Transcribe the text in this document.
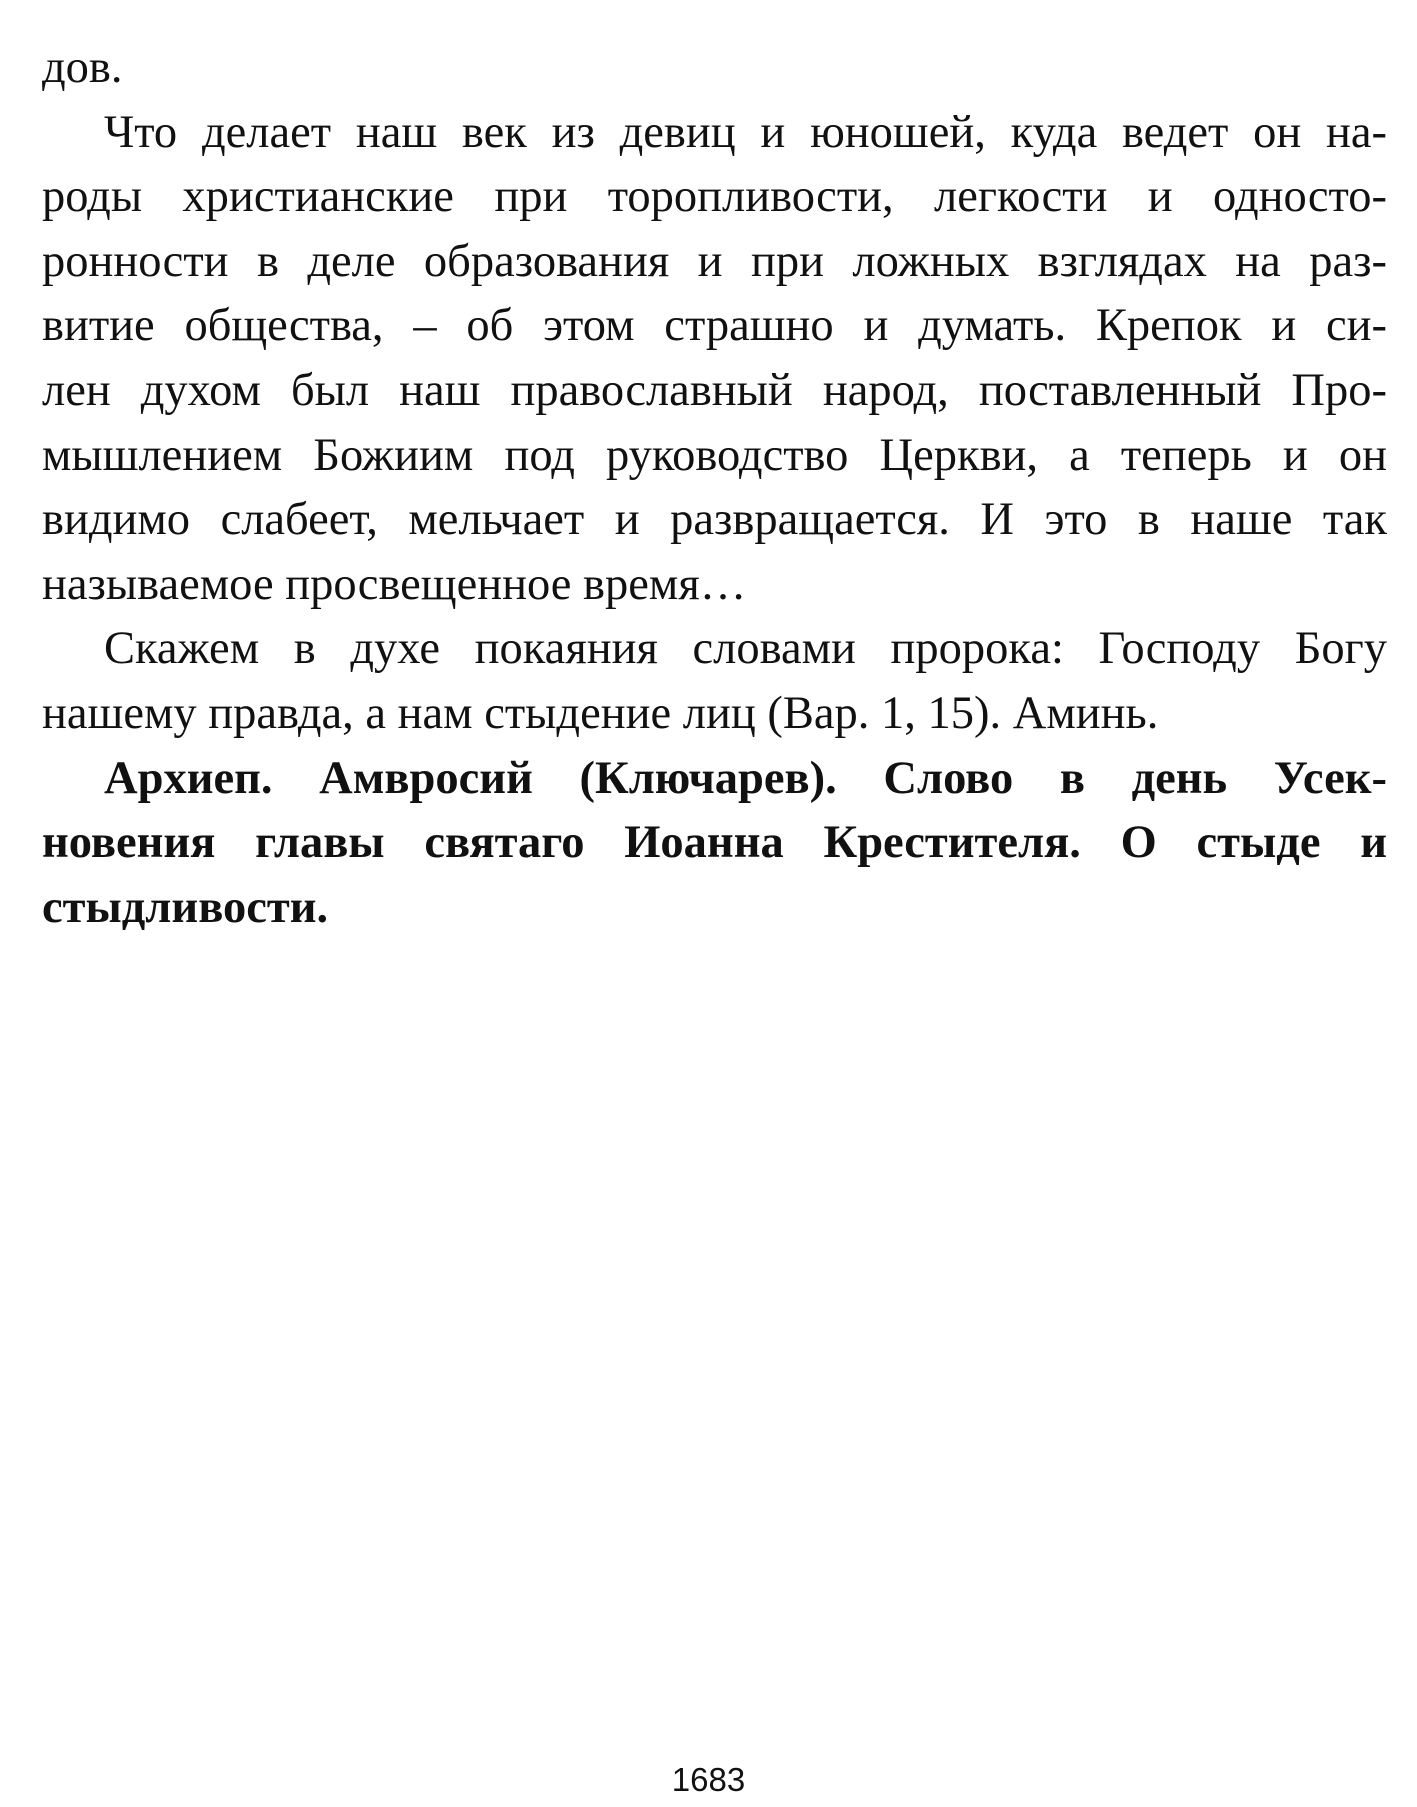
дов.
Что делает наш век из девиц и юношей, куда ведет он на-
роды христианские при торопливости, легкости и односто-
ронности в деле образования и при ложных взглядах на раз-
витие общества, – об этом страшно и думать. Крепок и си-
лен духом был наш православный народ, поставленный Про-
мышлением Божиим под руководство Церкви, а теперь и он
видимо слабеет, мельчает и развращается. И это в наше так
называемое просвещенное время…
Скажем в духе покаяния словами пророка: Господу Богу
нашему правда, а нам стыдение лиц (Вар. 1, 15). Аминь.
Архиеп. Амвросий (Ключарев). Слово в день Усек-
новения главы святаго Иоанна Крестителя. О стыде и
стыдливости.
1683
